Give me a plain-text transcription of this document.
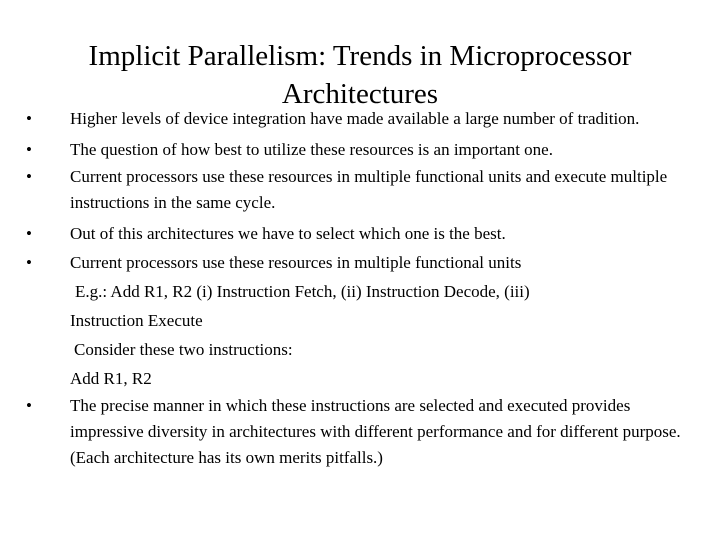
Implicit Parallelism: Trends in Microprocessor
Architectures
•	Higher levels of device integration have made available a large number of tradition.
•	The question of how best to utilize these resources is an important one.
•	Current processors use these resources in multiple functional units and execute multiple instructions in the same cycle.
•	Out of this architectures we have to select which one is the best.
•	Current processors use these resources in multiple functional units
E.g.: Add R1, R2 (i) Instruction Fetch, (ii) Instruction Decode, (iii)
Instruction Execute
Consider these two instructions:
Add R1, R2
•	The precise manner in which these instructions are selected and executed provides impressive diversity in architectures with different performance and for different purpose. (Each architecture has its own merits pitfalls.)
